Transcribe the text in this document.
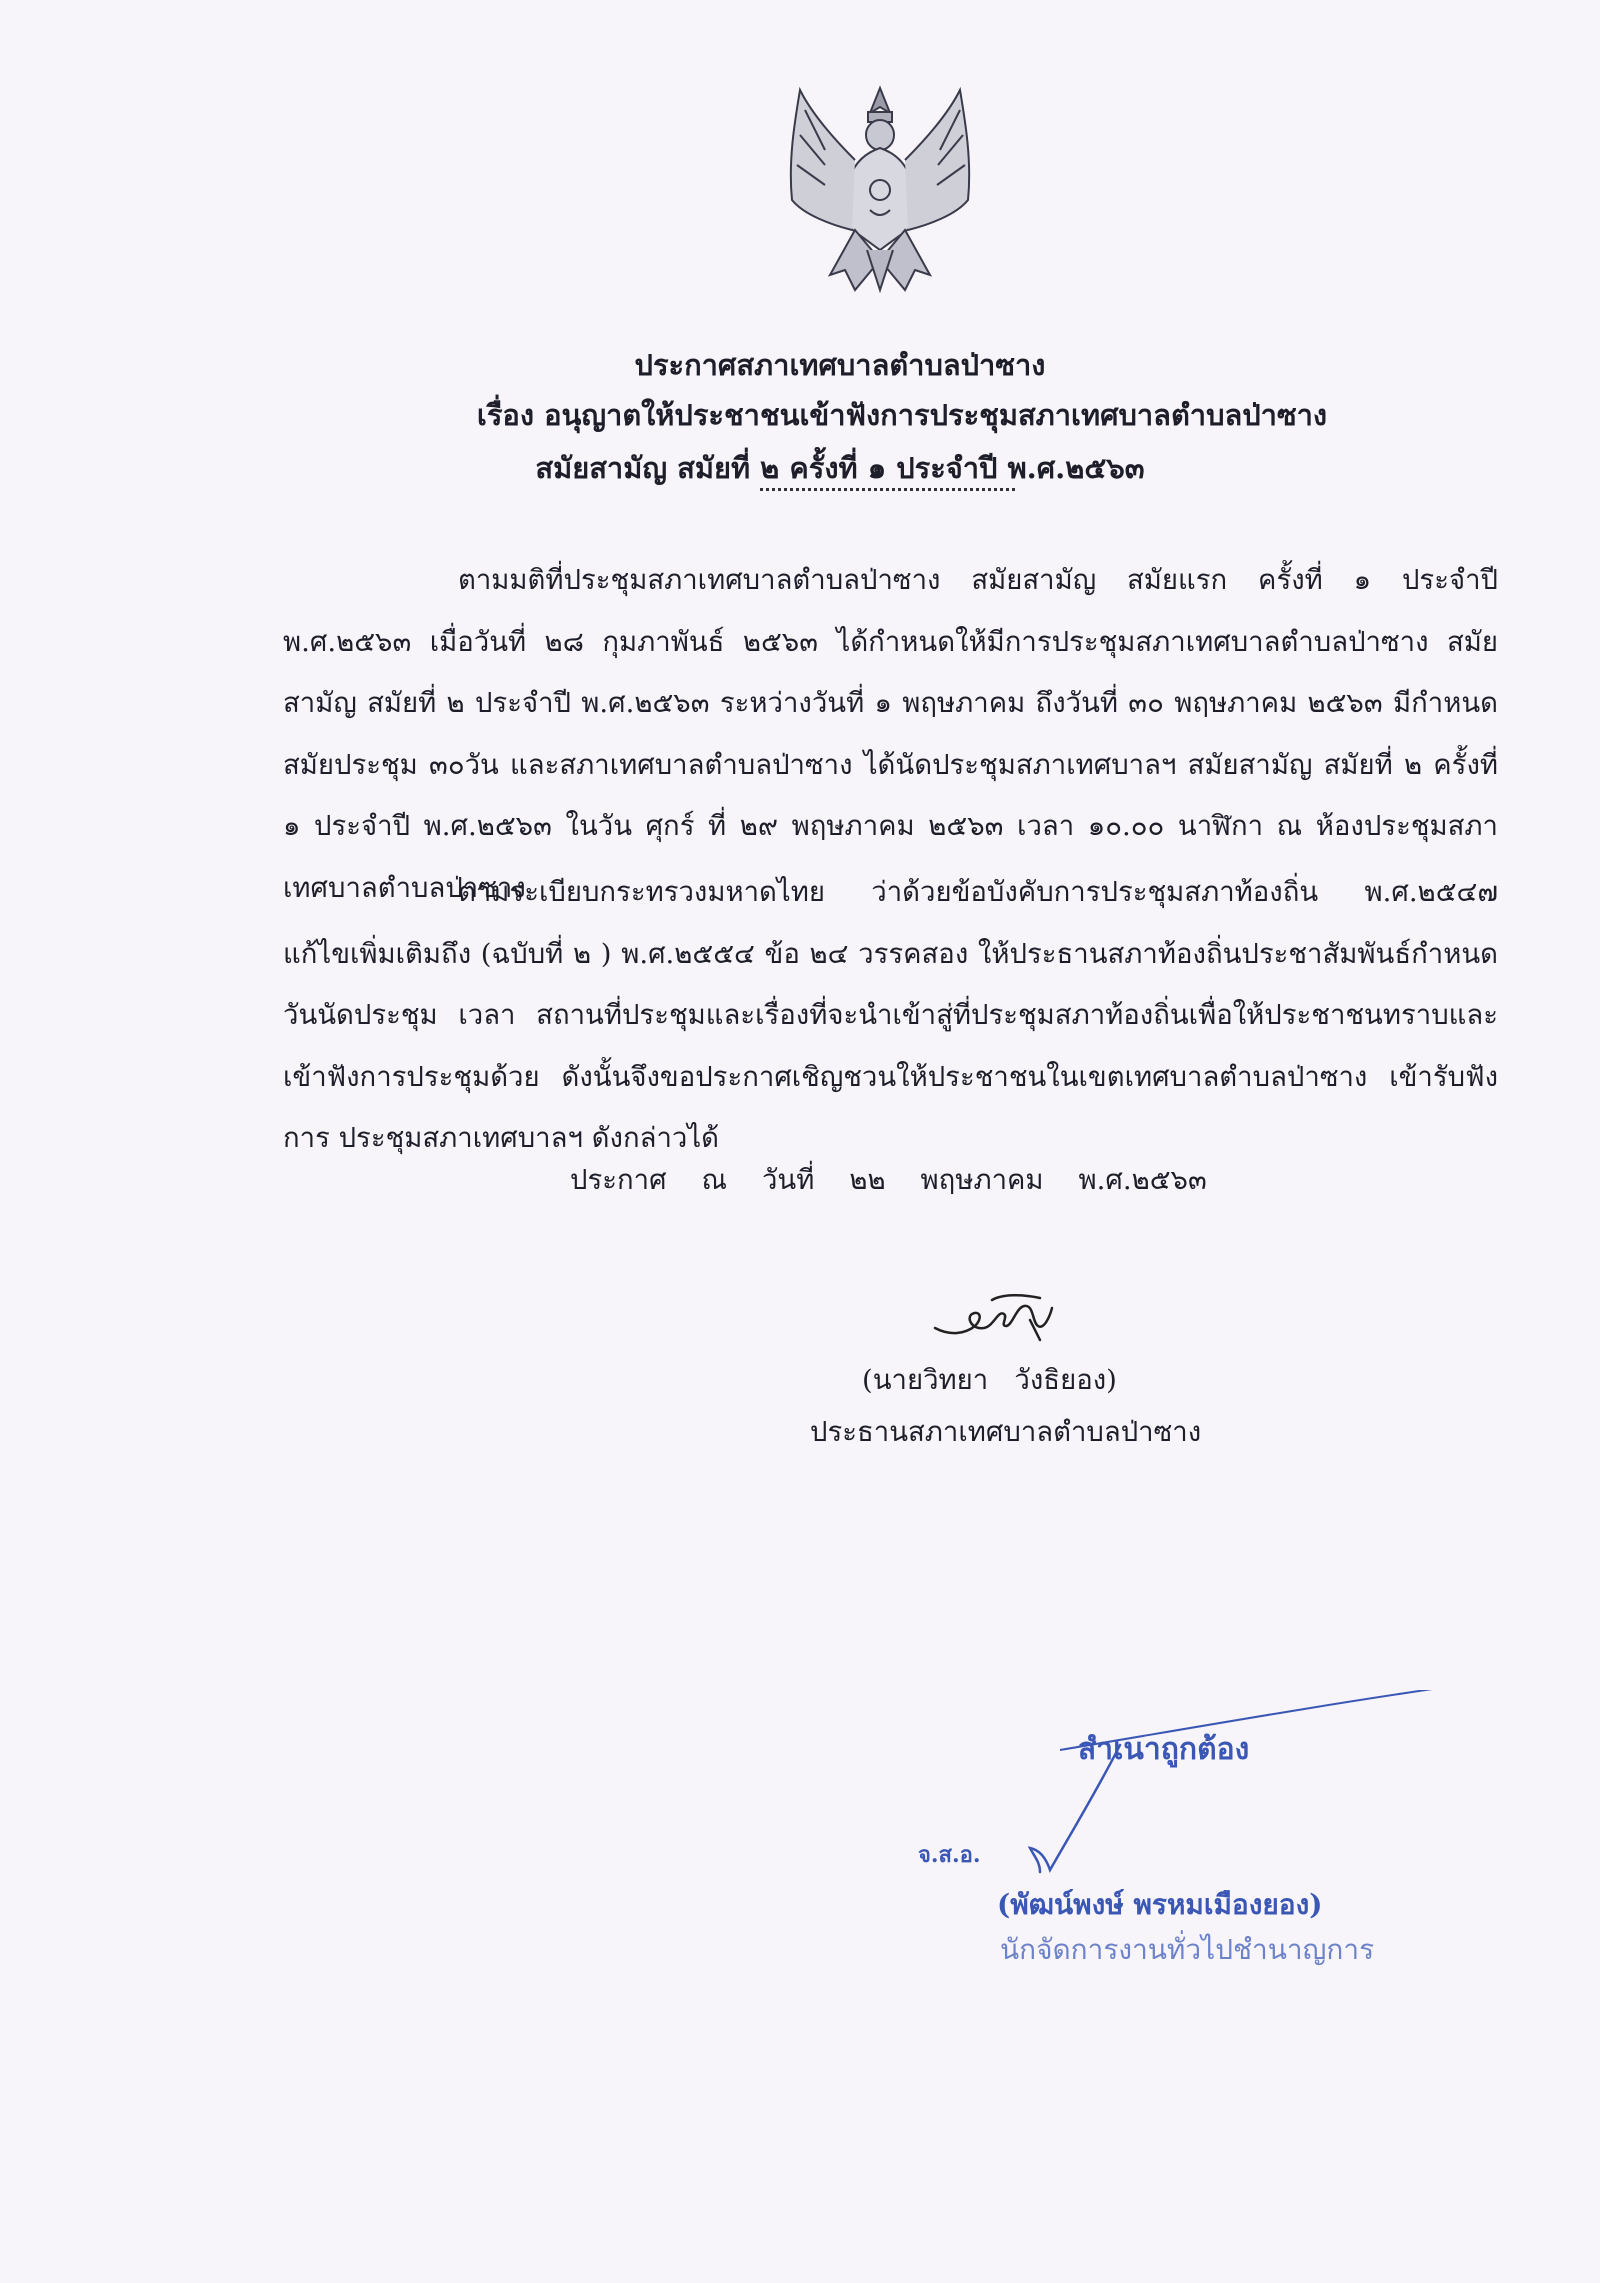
ประกาศสภาเทศบาลตำบลป่าซาง
เรื่อง อนุญาตให้ประชาชนเข้าฟังการประชุมสภาเทศบาลตำบลป่าซาง
สมัยสามัญ สมัยที่ ๒ ครั้งที่ ๑ ประจำปี พ.ศ.๒๕๖๓
ตามมติที่ประชุมสภาเทศบาลตำบลป่าซาง สมัยสามัญ สมัยแรก ครั้งที่ ๑ ประจำปี พ.ศ.๒๕๖๓ เมื่อวันที่ ๒๘ กุมภาพันธ์ ๒๕๖๓ ได้กำหนดให้มีการประชุมสภาเทศบาลตำบลป่าซาง สมัยสามัญ สมัยที่ ๒ ประจำปี พ.ศ.๒๕๖๓ ระหว่างวันที่ ๑ พฤษภาคม ถึงวันที่ ๓๐ พฤษภาคม ๒๕๖๓ มีกำหนดสมัยประชุม ๓๐วัน และสภาเทศบาลตำบลป่าซาง ได้นัดประชุมสภาเทศบาลฯ สมัยสามัญ สมัยที่ ๒ ครั้งที่ ๑ ประจำปี พ.ศ.๒๕๖๓ ในวัน ศุกร์ ที่ ๒๙ พฤษภาคม ๒๕๖๓ เวลา ๑๐.๐๐ นาฬิกา ณ ห้องประชุมสภาเทศบาลตำบลป่าซาง
ตามระเบียบกระทรวงมหาดไทย ว่าด้วยข้อบังคับการประชุมสภาท้องถิ่น พ.ศ.๒๕๔๗ แก้ไขเพิ่มเติมถึง (ฉบับที่ ๒ ) พ.ศ.๒๕๕๔ ข้อ ๒๔ วรรคสอง ให้ประธานสภาท้องถิ่นประชาสัมพันธ์กำหนด วันนัดประชุม เวลา สถานที่ประชุมและเรื่องที่จะนำเข้าสู่ที่ประชุมสภาท้องถิ่นเพื่อให้ประชาชนทราบและ เข้าฟังการประชุมด้วย ดังนั้นจึงขอประกาศเชิญชวนให้ประชาชนในเขตเทศบาลตำบลป่าซาง เข้ารับฟังการ ประชุมสภาเทศบาลฯ ดังกล่าวได้
ประกาศ    ณ    วันที่    ๒๒    พฤษภาคม    พ.ศ.๒๕๖๓
(นายวิทยา   วังธิยอง)
ประธานสภาเทศบาลตำบลป่าซาง
สำเนาถูกต้อง
จ.ส.อ.
(พัฒน์พงษ์ พรหมเมืองยอง)
นักจัดการงานทั่วไปชำนาญการ
